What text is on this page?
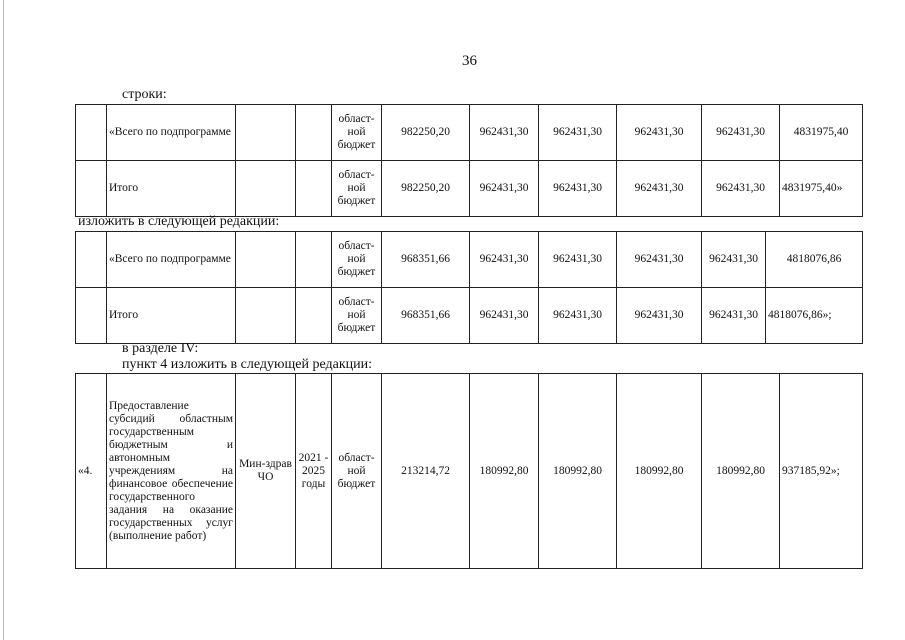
36
строки:
	«Всего по подпрограмме			област-ной бюджет	982250,20	962431,30	962431,30	962431,30	962431,30	4831975,40
	Итого			област-ной бюджет	982250,20	962431,30	962431,30	962431,30	962431,30	4831975,40»
изложить в следующей редакции:
	«Всего по подпрограмме			област-ной бюджет	968351,66	962431,30	962431,30	962431,30	962431,30	4818076,86
	Итого			област-ной бюджет	968351,66	962431,30	962431,30	962431,30	962431,30	4818076,86»;
в разделе IV:
пункт 4 изложить в следующей редакции:
«4.	Предоставление субсидий областным государственным бюджетным и автономным учреждениям на финансовое обеспечение государственного задания на оказание государственных услуг (выполнение работ)	Мин-здрав ЧО	2021 - 2025 годы	област-ной бюджет	213214,72	180992,80	180992,80	180992,80	180992,80	937185,92»;
